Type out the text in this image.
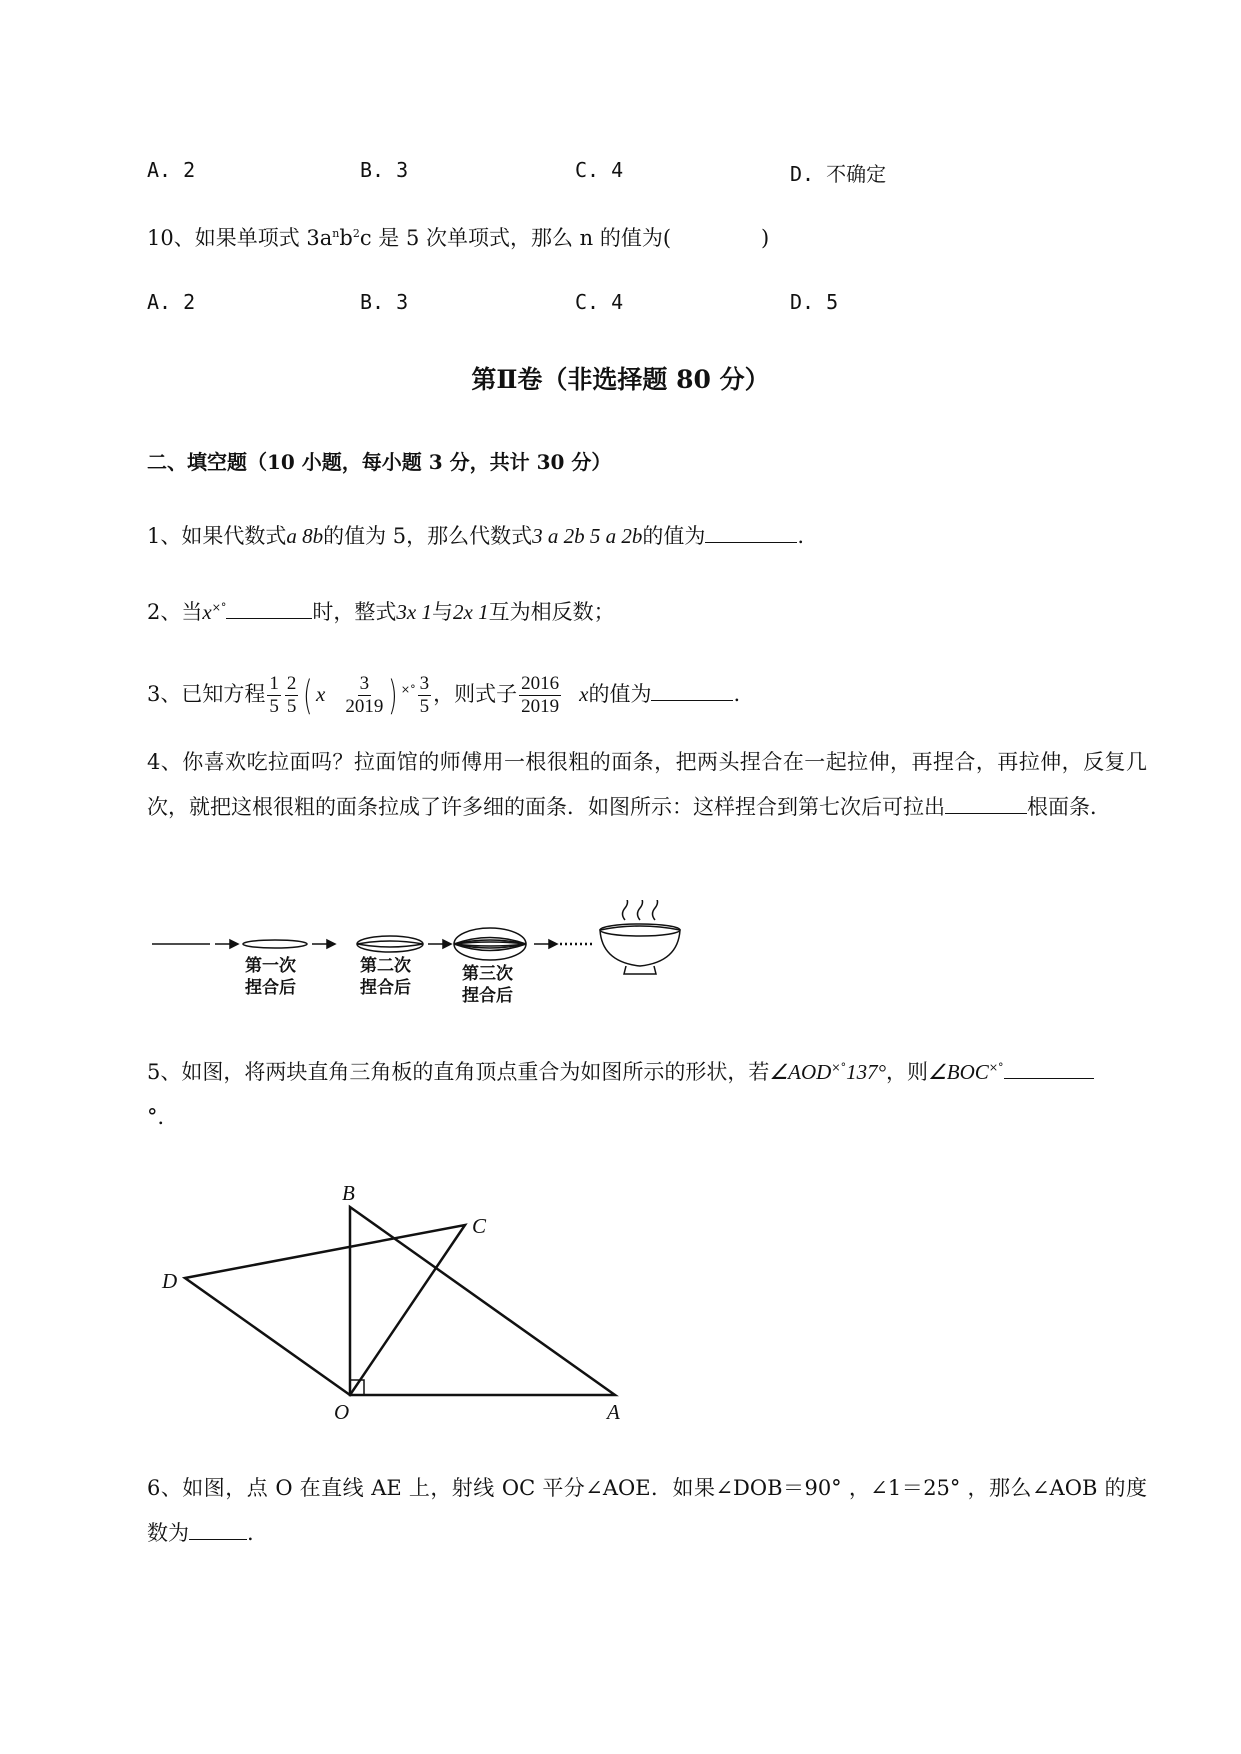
A. 2	B. 3	C. 4	D. 不确定
10、如果单项式 $3a^nb^2c$ 是 5 次单项式，那么 n 的值为(	)
A. 2	B. 3	C. 4	D. 5
第Ⅱ卷（非选择题 80 分）
二、填空题（10 小题，每小题 3 分，共计 30 分）
1、如果代数式a 8b的值为 5，那么代数式3 a 2b 5 a 2b的值为	.
2、当x×°	时，整式3x 1与2x 1互为相反数；
3、已知方程 $\frac{1}{5} \frac{2}{5}$ ( x $\frac{3}{2019}$ ) $^{\times^\circ} \frac{3}{5}$ ，则式子 $\frac{2016}{2019}$ x的值为	.
4、你喜欢吃拉面吗？拉面馆的师傅用一根很粗的面条，把两头捏合在一起拉伸，再捏合，再拉伸，反复几次，就把这根很粗的面条拉成了许多细的面条．如图所示：这样捏合到第七次后可拉出	根面条．
第一次
捏合后
第二次
捏合后
第三次
捏合后
5、如图，将两块直角三角板的直角顶点重合为如图所示的形状，若∠AOD×°137°，则∠BOC×°
°．
B
C
D
O	A
6、如图，点 O 在直线 AE 上，射线 OC 平分∠AOE．如果∠DOB＝90° ，∠1＝25° ，那么∠AOB 的度数为	.
